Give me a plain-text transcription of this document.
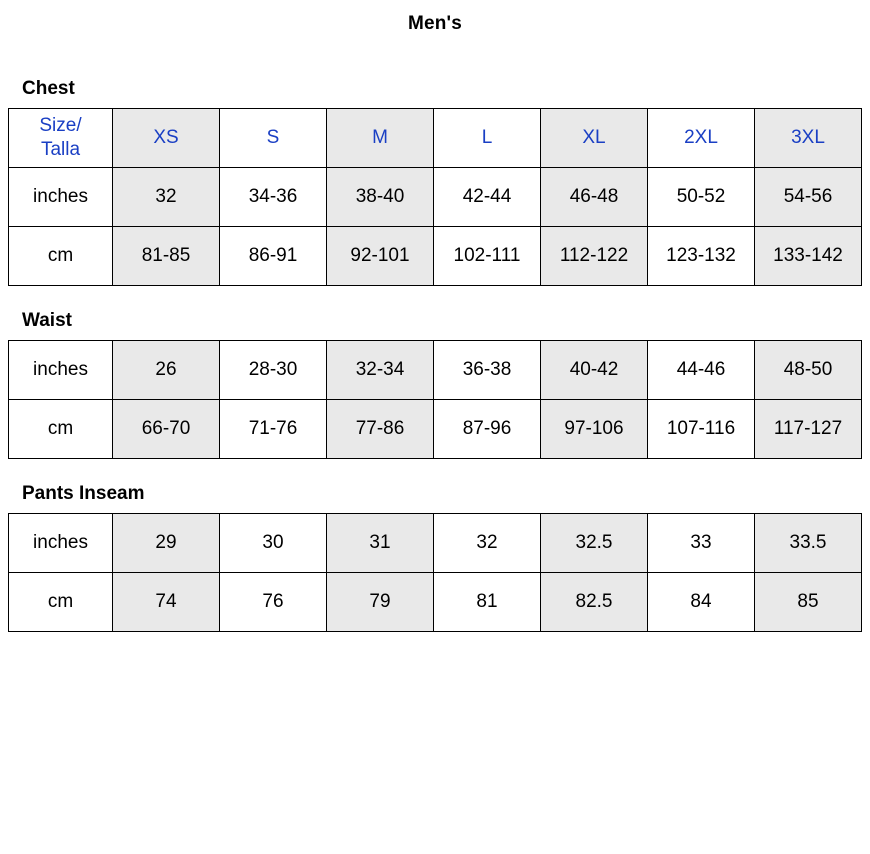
Men's
Chest
Size/
Talla	XS	S	M	L	XL	2XL	3XL
inches	32	34-36	38-40	42-44	46-48	50-52	54-56
cm	81-85	86-91	92-101	102-111	112-122	123-132	133-142
Waist
inches	26	28-30	32-34	36-38	40-42	44-46	48-50
cm	66-70	71-76	77-86	87-96	97-106	107-116	117-127
Pants Inseam
inches	29	30	31	32	32.5	33	33.5
cm	74	76	79	81	82.5	84	85
